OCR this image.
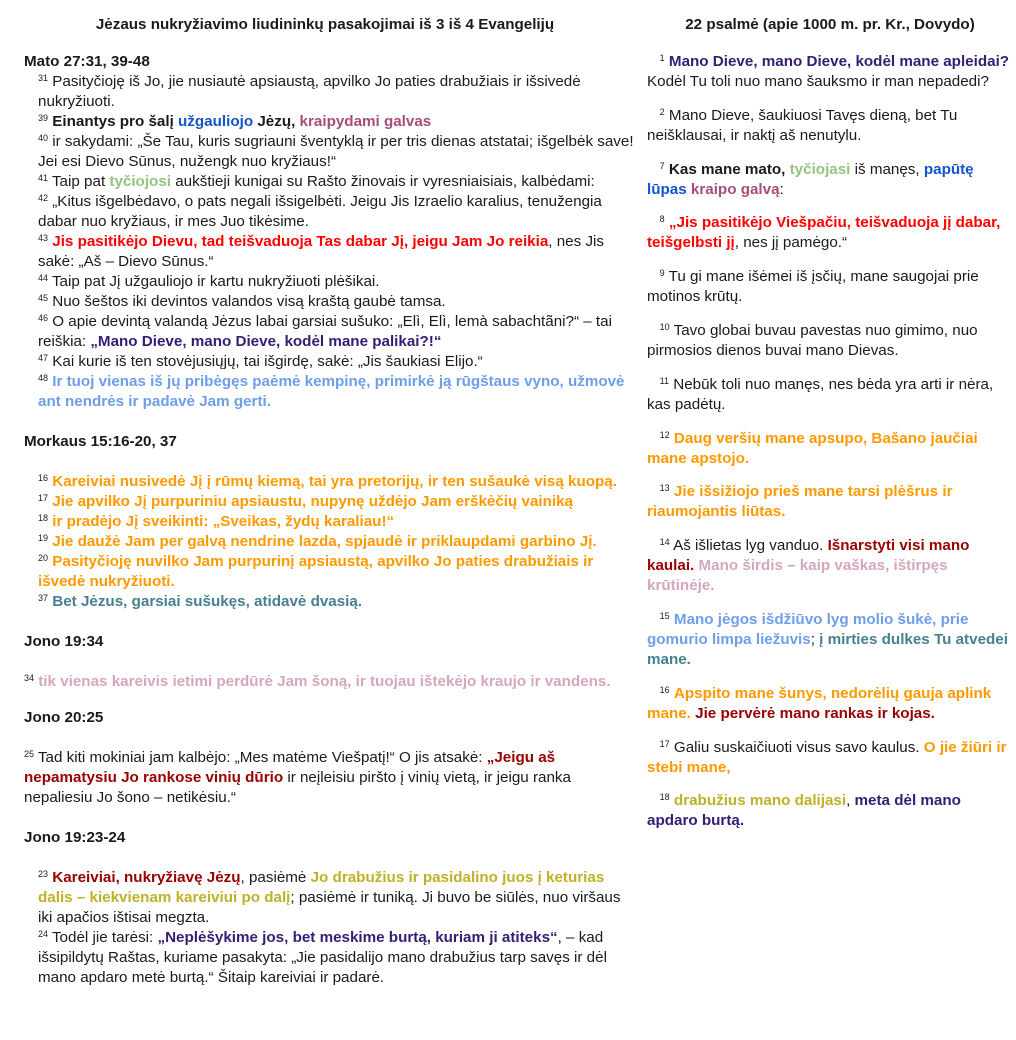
Jėzaus nukryžiavimo liudininkų pasakojimai iš 3 iš 4 Evangelijų
Mato 27:31, 39-48
$^{31}$ Pasityčioję iš Jo, jie nusiautė apsiaustą, apvilko Jo paties drabužiais ir išsivedė nukryžiuoti.
$^{39}$ Einantys pro šalį užgauliojo Jėzų, kraipydami galvas
$^{40}$ ir sakydami: „Še Tau, kuris sugriauni šventyklą ir per tris dienas atstatai; išgelbėk save! Jei esi Dievo Sūnus, nužengk nuo kryžiaus!“
$^{41}$ Taip pat tyčiojosi aukštieji kunigai su Rašto žinovais ir vyresniaisiais, kalbėdami:
$^{42}$ „Kitus išgelbėdavo, o pats negali išsigelbėti. Jeigu Jis Izraelio karalius, tenužengia dabar nuo kryžiaus, ir mes Juo tikėsime.
$^{43}$ Jis pasitikėjo Dievu, tad teišvaduoja Tas dabar Jį, jeigu Jam Jo reikia, nes Jis sakė: „Aš – Dievo Sūnus.“
$^{44}$ Taip pat Jį užgauliojo ir kartu nukryžiuoti plėšikai.
$^{45}$ Nuo šeštos iki devintos valandos visą kraštą gaubė tamsa.
$^{46}$ O apie devintą valandą Jėzus labai garsiai sušuko: „Elì, Elì, lemà sabachtãni?“ – tai reiškia: „Mano Dieve, mano Dieve, kodėl mane palikai?!“
$^{47}$ Kai kurie iš ten stovėjusiųjų, tai išgirdę, sakė: „Jis šaukiasi Elijo.“
$^{48}$ Ir tuoj vienas iš jų pribėgęs paėmė kempinę, primirkė ją rūgštaus vyno, užmovė ant nendrės ir padavė Jam gerti.
Morkaus 15:16-20, 37
$^{16}$ Kareiviai nusivedė Jį į rūmų kiemą, tai yra pretorijų, ir ten sušaukė visą kuopą.
$^{17}$ Jie apvilko Jį purpuriniu apsiaustu, nupynę uždėjo Jam erškėčių vainiką
$^{18}$ ir pradėjo Jį sveikinti: „Sveikas, žydų karaliau!“
$^{19}$ Jie daužė Jam per galvą nendrine lazda, spjaudė ir priklaupdami garbino Jį.
$^{20}$ Pasityčioję nuvilko Jam purpurinį apsiaustą, apvilko Jo paties drabužiais ir išvedė nukryžiuoti.
$^{37}$ Bet Jėzus, garsiai sušukęs, atidavė dvasią.
Jono 19:34
$^{34}$ tik vienas kareivis ietimi perdūrė Jam šoną, ir tuojau ištekėjo kraujo ir vandens.
Jono 20:25
$^{25}$ Tad kiti mokiniai jam kalbėjo: „Mes matėme Viešpatį!“ O jis atsakė: „Jeigu aš nepamatysiu Jo rankose vinių dūrio ir neįleisiu piršto į vinių vietą, ir jeigu ranka nepaliesiu Jo šono – netikėsiu.“
Jono 19:23-24
$^{23}$ Kareiviai, nukryžiavę Jėzų, pasiėmė Jo drabužius ir pasidalino juos į keturias dalis – kiekvienam kareiviui po dalį; pasiėmė ir tuniką. Ji buvo be siūlės, nuo viršaus iki apačios ištisai megzta.
$^{24}$ Todėl jie tarėsi: „Neplėšykime jos, bet meskime burtą, kuriam ji atiteks“, – kad išsipildytų Raštas, kuriame pasakyta: „Jie pasidalijo mano drabužius tarp savęs ir dėl mano apdaro metė burtą.“ Šitaip kareiviai ir padarė.
22 psalmė (apie 1000 m. pr. Kr., Dovydo)
$^1$ Mano Dieve, mano Dieve, kodėl mane apleidai? Kodėl Tu toli nuo mano šauksmo ir man nepadedi?
$^2$ Mano Dieve, šaukiuosi Tavęs dieną, bet Tu neišklausai, ir naktį aš nenutylu.
$^7$ Kas mane mato, tyčiojasi iš manęs, papūtę lūpas kraipo galvą:
$^8$ „Jis pasitikėjo Viešpačiu, teišvaduoja jį dabar, teišgelbsti jį, nes jį pamėgo.“
$^9$ Tu gi mane išėmei iš įsčių, mane saugojai prie motinos krūtų.
$^{10}$ Tavo globai buvau pavestas nuo gimimo, nuo pirmosios dienos buvai mano Dievas.
$^{11}$ Nebūk toli nuo manęs, nes bėda yra arti ir nėra, kas padėtų.
$^{12}$ Daug veršių mane apsupo, Bašano jaučiai mane apstojo.
$^{13}$ Jie išsižiojo prieš mane tarsi plėšrus ir riaumojantis liūtas.
$^{14}$ Aš išlietas lyg vanduo. Išnarstyti visi mano kaulai. Mano širdis – kaip vaškas, ištirpęs krūtinėje.
$^{15}$ Mano jėgos išdžiūvo lyg molio šukė, prie gomurio limpa liežuvis; į mirties dulkes Tu atvedei mane.
$^{16}$ Apspito mane šunys, nedorėlių gauja aplink mane. Jie pervėrė mano rankas ir kojas.
$^{17}$ Galiu suskaičiuoti visus savo kaulus. O jie žiūri ir stebi mane,
$^{18}$ drabužius mano dalijasi, meta dėl mano apdaro burtą.
